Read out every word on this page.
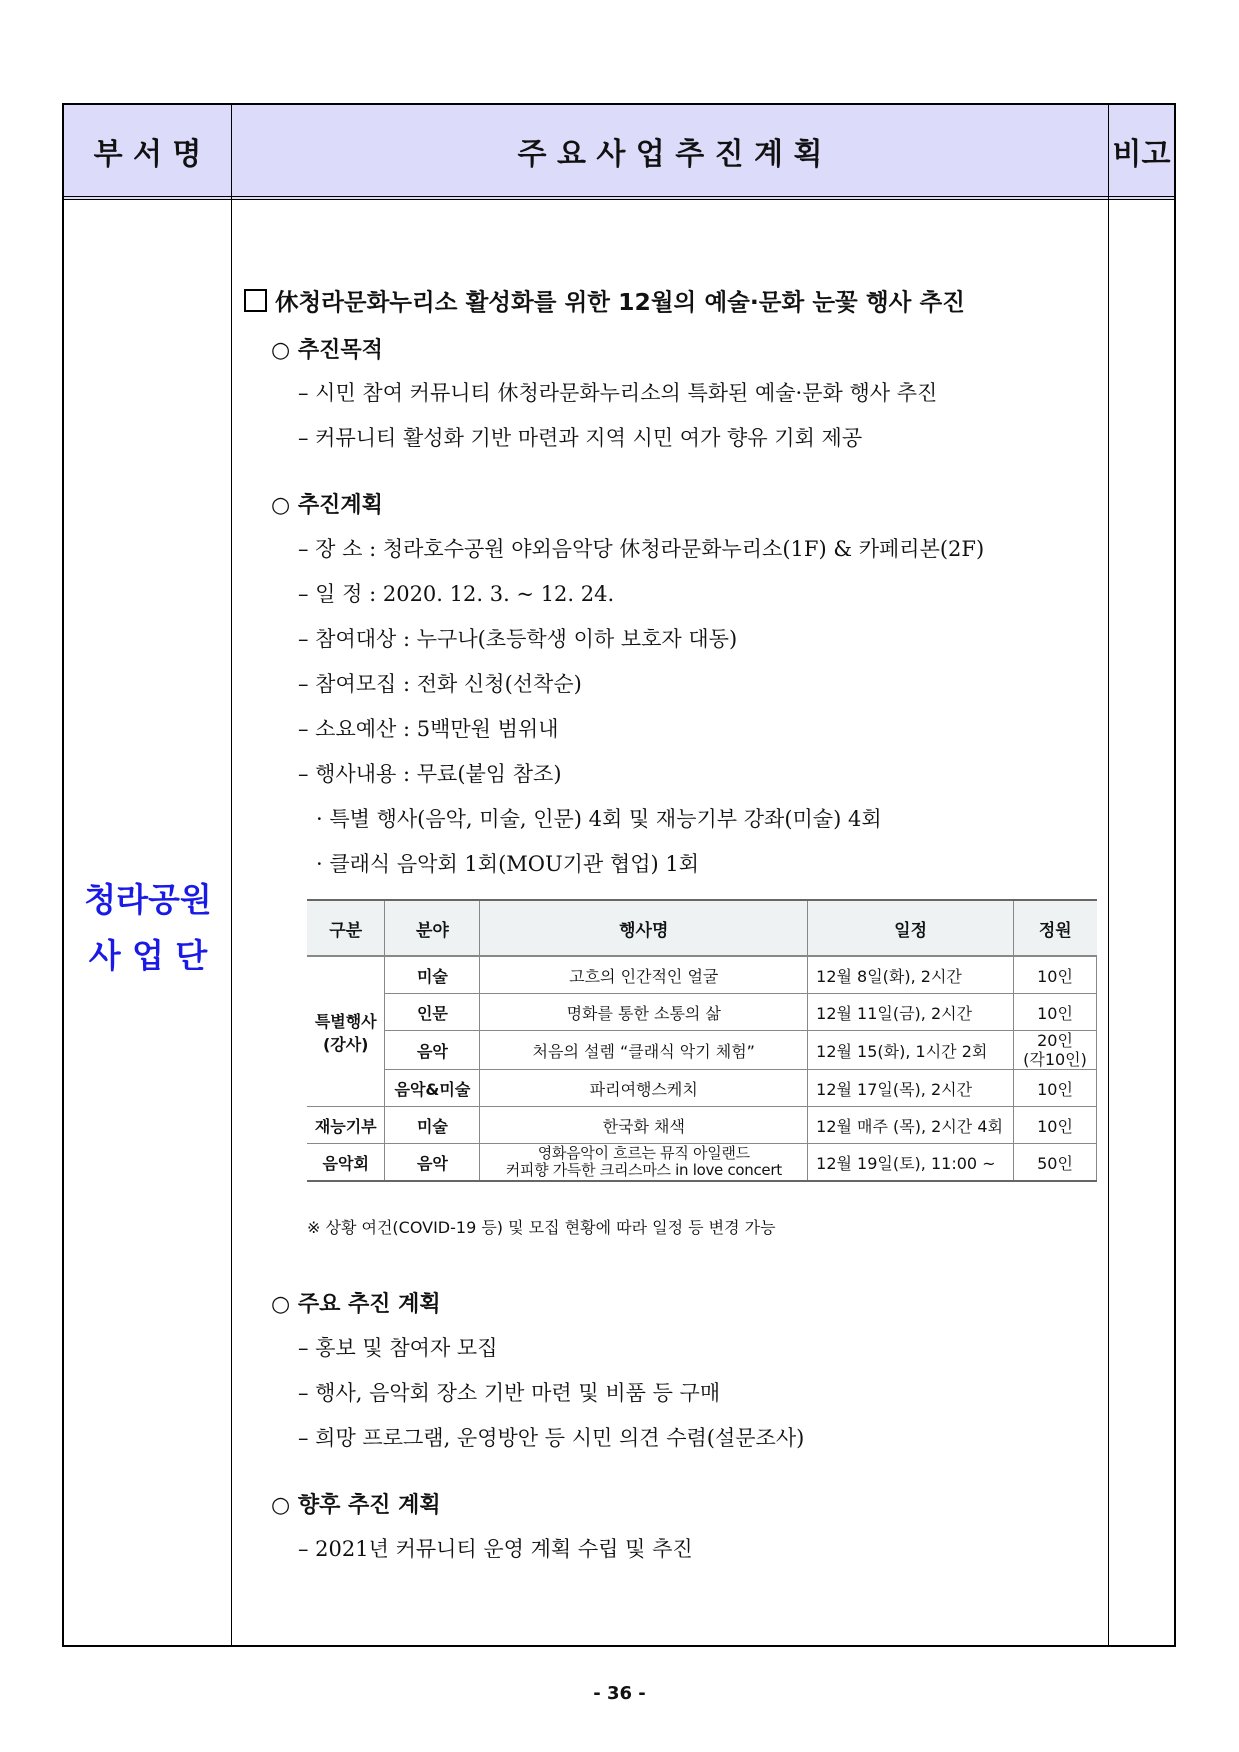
부 서 명	주 요 사 업 추 진 계 획	비고
청라공원
사 업 단
休청라문화누리소 활성화를 위한 12월의 예술·문화 눈꽃 행사 추진
○ 추진목적
– 시민 참여 커뮤니티 休청라문화누리소의 특화된 예술·문화 행사 추진
– 커뮤니티 활성화 기반 마련과 지역 시민 여가 향유 기회 제공
○ 추진계획
– 장 소 : 청라호수공원 야외음악당 休청라문화누리소(1F) & 카페리본(2F)
– 일 정 : 2020. 12. 3. ~ 12. 24.
– 참여대상 : 누구나(초등학생 이하 보호자 대동)
– 참여모집 : 전화 신청(선착순)
– 소요예산 : 5백만원 범위내
– 행사내용 : 무료(붙임 참조)
· 특별 행사(음악, 미술, 인문) 4회 및 재능기부 강좌(미술) 4회
· 클래식 음악회 1회(MOU기관 협업) 1회
구분	분야	행사명	일정	정원
특별행사
(강사)	미술	고흐의 인간적인 얼굴	12월 8일(화), 2시간	10인
	인문	명화를 통한 소통의 삶	12월 11일(금), 2시간	10인
	음악	처음의 설렘 “클래식 악기 체험”	12월 15(화), 1시간 2회	20인
(각10인)
	음악&미술	파리여행스케치	12월 17일(목), 2시간	10인
재능기부	미술	한국화 채색	12월 매주 (목), 2시간 4회	10인
음악회	음악	영화음악이 흐르는 뮤직 아일랜드
커피향 가득한 크리스마스 in love concert	12월 19일(토), 11:00 ~	50인
※ 상황 여건(COVID-19 등) 및 모집 현황에 따라 일정 등 변경 가능
○ 주요 추진 계획
– 홍보 및 참여자 모집
– 행사, 음악회 장소 기반 마련 및 비품 등 구매
– 희망 프로그램, 운영방안 등 시민 의견 수렴(설문조사)
○ 향후 추진 계획
– 2021년 커뮤니티 운영 계획 수립 및 추진
- 36 -
